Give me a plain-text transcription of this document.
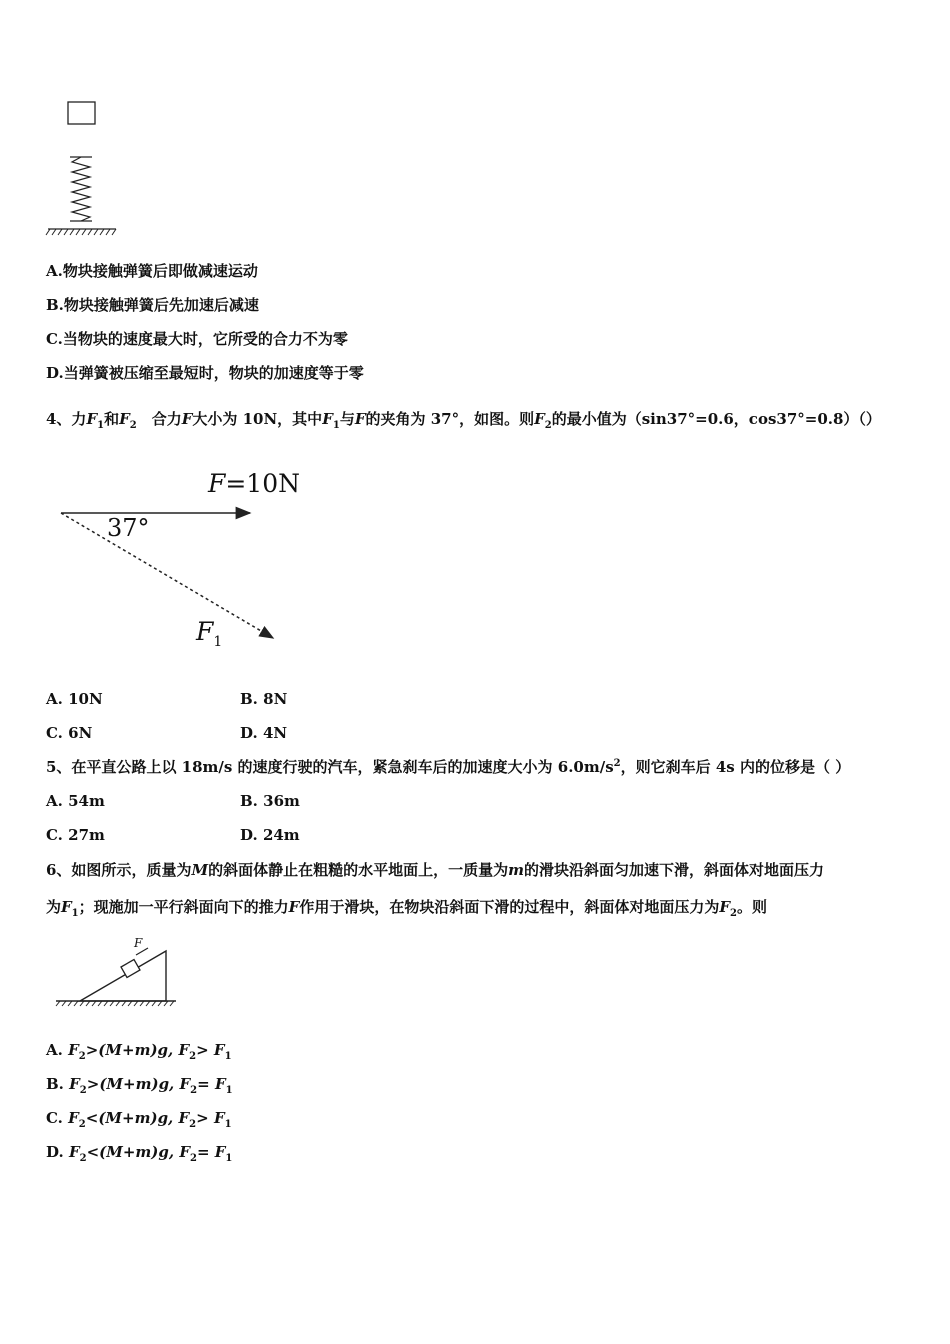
A.物块接触弹簧后即做减速运动
B.物块接触弹簧后先加速后减速
C.当物块的速度最大时，它所受的合力不为零
D.当弹簧被压缩至最短时，物块的加速度等于零
4、力$F_1$和$F_2$　合力F大小为 10N，其中$F_1$与F的夹角为 37°，如图。则$F_2$的最小值为（sin37°=0.6，cos37°=0.8）（）
F=10N
37°
$F_1$
A. 10N	B. 8N
C. 6N	D. 4N
5、在平直公路上以 18m/s 的速度行驶的汽车，紧急刹车后的加速度大小为 $6.0m/s^2$，则它刹车后 4s 内的位移是（ ）
A. 54m	B. 36m
C. 27m	D. 24m
6、如图所示，质量为M的斜面体静止在粗糙的水平地面上，一质量为m的滑块沿斜面匀加速下滑，斜面体对地面压力
为$F_1$；现施加一平行斜面向下的推力F作用于滑块，在物块沿斜面下滑的过程中，斜面体对地面压力为$F_2$。则
F
A. $F_2>(M+m)g$, $F_2> F_1$
B. $F_2>(M+m)g$, $F_2= F_1$
C. $F_2<(M+m)g$, $F_2> F_1$
D. $F_2<(M+m)g$, $F_2= F_1$
